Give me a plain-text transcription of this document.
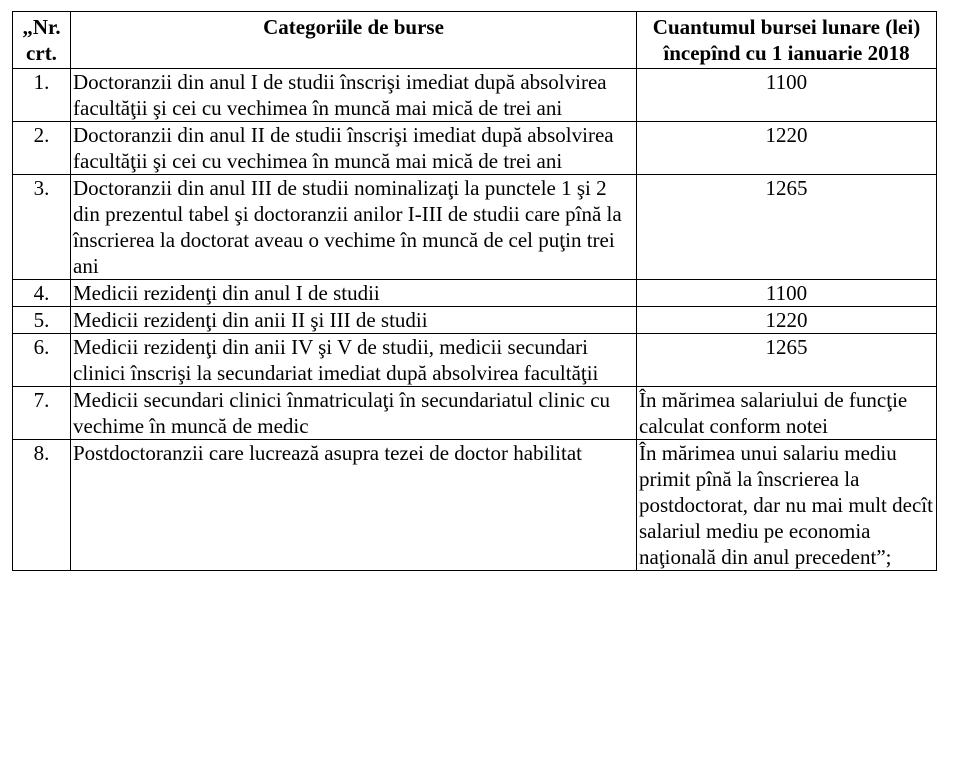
„Nr. crt.	Categoriile de burse	Cuantumul bursei lunare (lei) începînd cu 1 ianuarie 2018
1.	Doctoranzii din anul I de studii înscrişi imediat după absolvirea facultăţii şi cei cu vechimea în muncă mai mică de trei ani	1100
2.	Doctoranzii din anul II de studii înscrişi imediat după absolvirea facultăţii şi cei cu vechimea în muncă mai mică de trei ani	1220
3.	Doctoranzii din anul III de studii nominalizaţi la punctele 1 şi 2 din prezentul tabel şi doctoranzii anilor I-III de studii care pînă la înscrierea la doctorat aveau o vechime în muncă de cel puţin trei ani	1265
4.	Medicii rezidenţi din anul I de studii	1100
5.	Medicii rezidenţi din anii II şi III de studii	1220
6.	Medicii rezidenţi din anii IV şi V de studii, medicii secundari clinici înscrişi la secundariat imediat după absolvirea facultăţii	1265
7.	Medicii secundari clinici înmatriculaţi în secundariatul clinic cu vechime în muncă de medic	În mărimea salariului de funcţie calculat conform notei
8.	Postdoctoranzii care lucrează asupra tezei de doctor habilitat	În mărimea unui salariu mediu primit pînă la înscrierea la postdoctorat, dar nu mai mult decît salariul mediu pe economia naţională din anul precedent”;
